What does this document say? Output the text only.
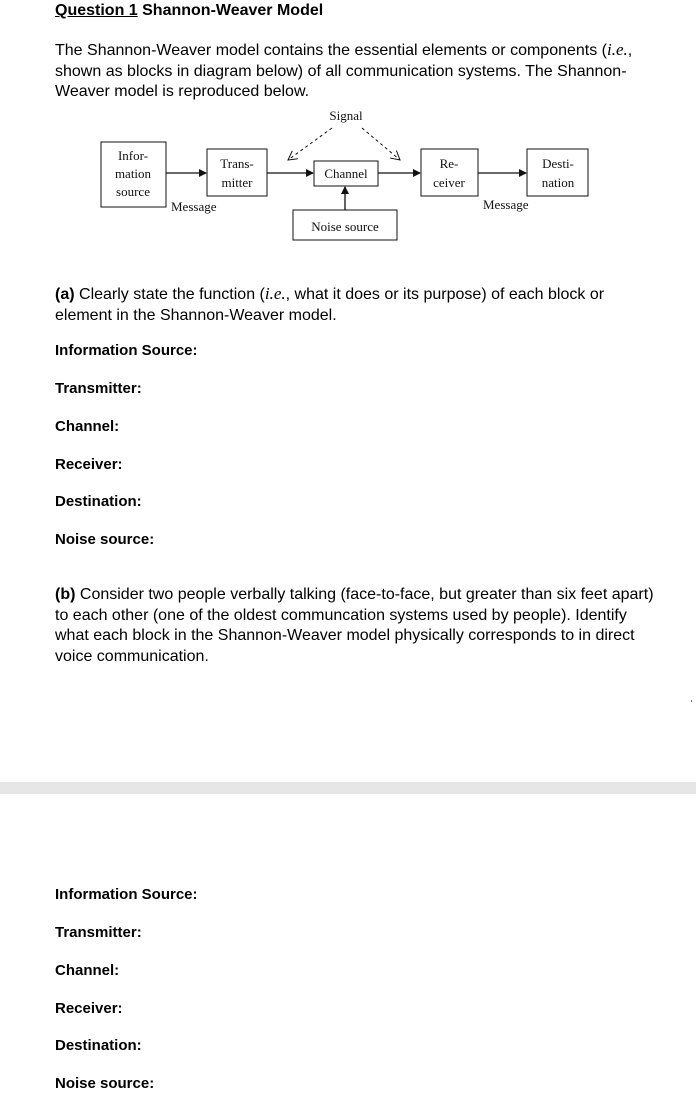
Question 1 Shannon-Weaver Model
The Shannon-Weaver model contains the essential elements or components (i.e., shown as blocks in diagram below) of all communication systems. The Shannon-Weaver model is reproduced below.
Signal
Infor-
mation
source
Trans-
mitter
Channel
Re-
ceiver
Desti-
nation
Noise source
Message	Message
(a) Clearly state the function (i.e., what it does or its purpose) of each block or element in the Shannon-Weaver model.
Information Source:
Transmitter:
Channel:
Receiver:
Destination:
Noise source:
(b) Consider two people verbally talking (face-to-face, but greater than six feet apart) to each other (one of the oldest communcation systems used by people). Identify what each block in the Shannon-Weaver model physically corresponds to in direct voice communication.
Information Source:
Transmitter:
Channel:
Receiver:
Destination:
Noise source:
